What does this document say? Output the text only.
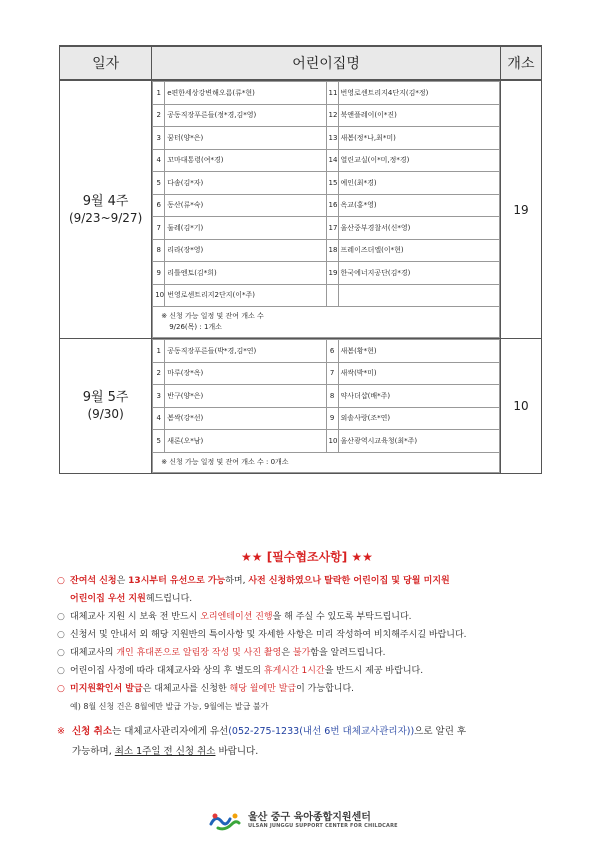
일자	어린이집명	개소

9월 4주
(9/23~9/27)

1	e편한세상강변해오름(류*현)	11	번영로센트리지4단지(김*정)
2	공동직장푸른들(정*경,김*영)	12	북앤플레이(이*진)
3	꿈터(양*은)	13	새봄(정*나,최*미)
4	꼬마대통령(여*경)	14	열린교실(이*미,정*경)
5	다솜(김*자)	15	예인(최*경)
6	동산(류*숙)	16	옥교(홍*영)
7	둘레(김*기)	17	울산중부경찰서(신*영)
8	리라(장*영)	18	프레이즈더엘(이*현)
9	리틀엔토(김*희)	19	한국에너지공단(김*경)
10	번영로센트리지2단지(이*주)		

※ 신청 가능 일정 및 잔여 개소 수
9/26(목) : 1개소
	19

9월 5주
(9/30)

1	공동직장푸른들(박*경,김*연)	6	새봄(황*현)
2	마루(장*옥)	7	새싹(박*미)
3	반구(양*은)	8	약사더샵(배*주)
4	봄싹(강*선)	9	외솔사랑(조*연)
5	새론(오*남)	10	울산광역시교육청(최*주)

※ 신청 가능 일정 및 잔여 개소 수 : 0개소
	10
★★ [필수협조사항] ★★
○ 잔여석 신청은 13시부터 유선으로 가능하며, 사전 신청하였으나 탈락한 어린이집 및 당월 미지원
어린이집 우선 지원헤드립니다.
○ 대체교사 지원 시 보육 전 반드시 오리엔테이션 진행을 해 주실 수 있도록 부탁드립니다.
○ 신청서 및 안내서 외 해당 지원반의 특이사항 및 자세한 사항은 미리 작성하여 비치해주시길 바랍니다.
○ 대체교사의 개인 휴대폰으로 알림장 작성 및 사진 촬영은 불가함을 알려드립니다.
○ 어린이집 사정에 따라 대체교사와 상의 후 별도의 휴게시간 1시간을 반드시 제공 바랍니다.
○ 미지원확인서 발급은 대체교사를 신청한 해당 월에만 발급이 가능합니다.
예) 8월 신청 건은 8월에만 발급 가능, 9월에는 발급 불가
※ 신청 취소는 대체교사관리자에게 유선(052-275-1233(내선 6번 대체교사관리자))으로 알린 후
가능하며, 최소 1주일 전 신청 취소 바랍니다.
울산 중구 육아종합지원센터
ULSAN JUNGGU SUPPORT CENTER FOR CHILDCARE
